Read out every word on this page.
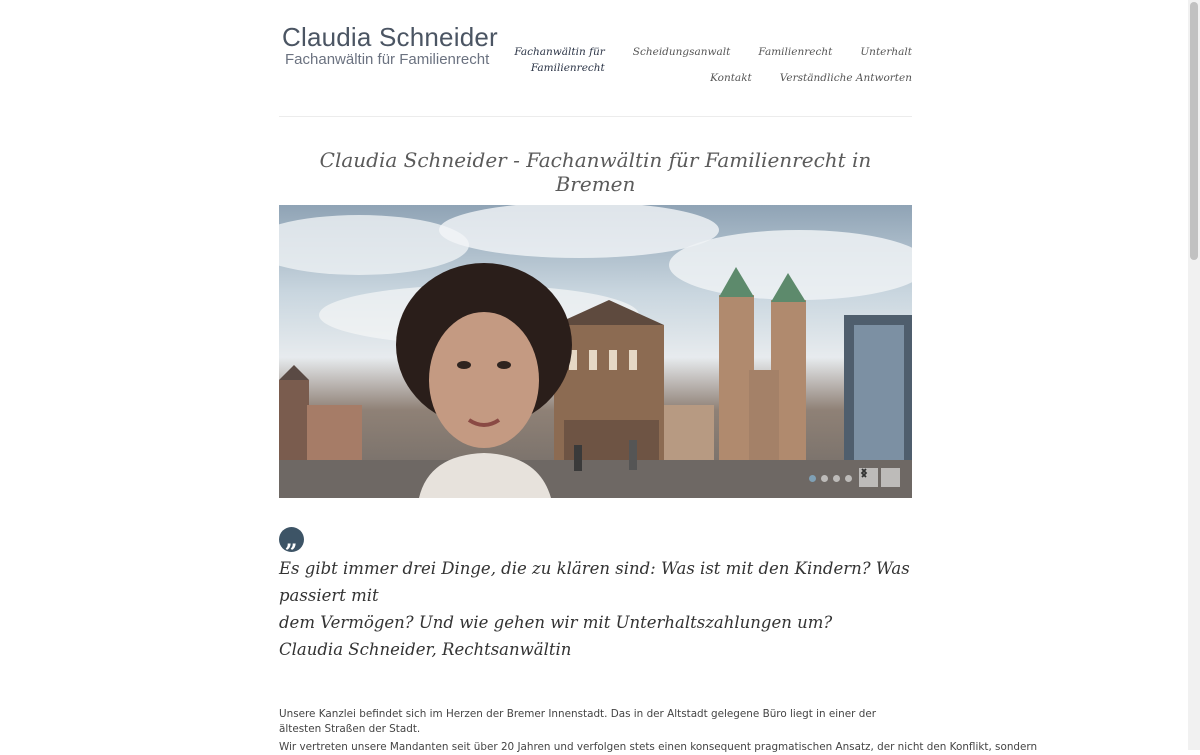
Claudia Schneider
Fachanwältin für Familienrecht	Fachanwältin für Familienrecht
Scheidungsanwalt	Familienrecht	Unterhalt
Kontakt	Verständliche Antworten
Claudia Schneider - Fachanwältin für Familienrecht in Bremen
„
Es gibt immer drei Dinge, die zu klären sind: Was ist mit den Kindern? Was passiert mit
dem Vermögen? Und wie gehen wir mit Unterhaltszahlungen um?
Claudia Schneider, Rechtsanwältin

Unsere Kanzlei befindet sich im Herzen der Bremer Innenstadt. Das in der Altstadt gelegene Büro liegt in einer der ältesten Straßen der Stadt.

Wir vertreten unsere Mandanten seit über 20 Jahren und verfolgen stets einen konsequent pragmatischen Ansatz, der nicht den Konflikt, sondern
